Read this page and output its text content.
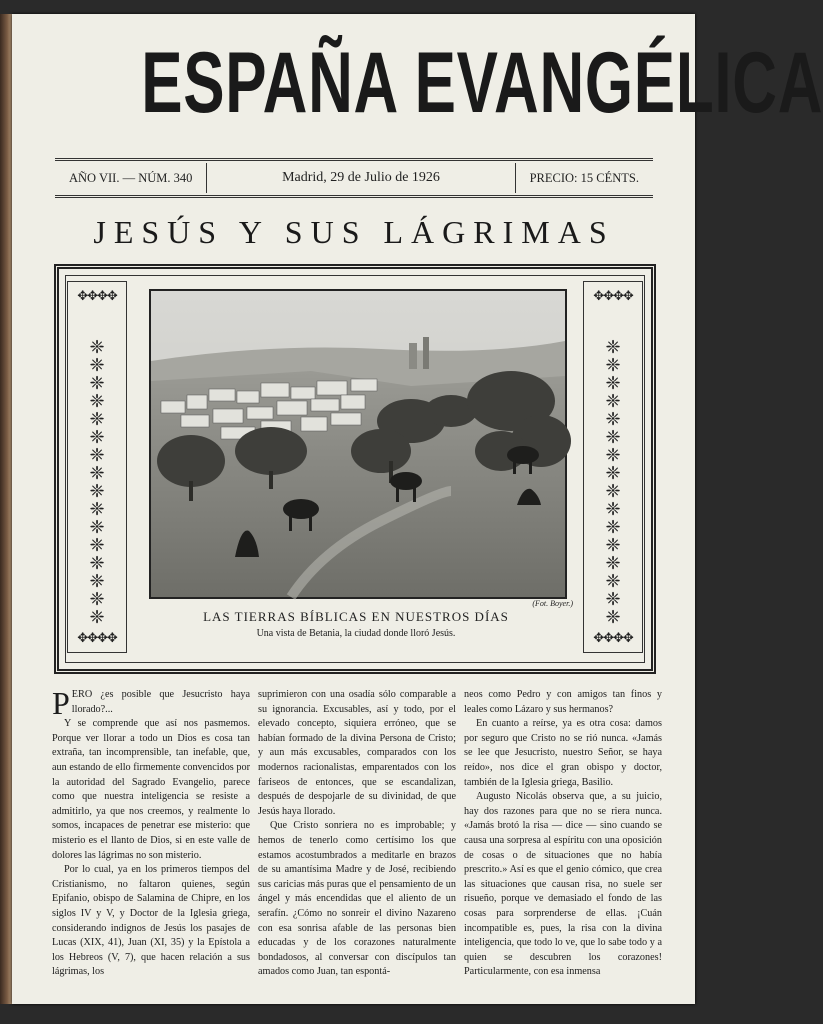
ESPAÑA EVANGÉLICA
AÑO VII. — NÚM. 340	Madrid, 29 de Julio de 1926	PRECIO: 15 CÉNTS.
JESÚS Y SUS LÁGRIMAS
✥✥✥✥
❈❈❈❈❈❈❈❈❈❈❈❈❈❈❈❈
✥✥✥✥
✥✥✥✥
❈❈❈❈❈❈❈❈❈❈❈❈❈❈❈❈
✥✥✥✥
(Fot. Boyer.)
LAS TIERRAS BÍBLICAS EN NUESTROS DÍAS
Una vista de Betania, la ciudad donde lloró Jesús.

PERO ¿es posible que Jesucristo haya llorado?...

Y se comprende que así nos pasmemos. Porque ver llorar a todo un Dios es cosa tan extraña, tan incomprensible, tan inefable, que, aun estando de ello firmemente convencidos por la autoridad del Sagrado Evangelio, parece como que nuestra inteligencia se resiste a admitirlo, ya que nos creemos, y realmente lo somos, incapaces de penetrar ese misterio: que misterio es el llanto de Dios, si en este valle de dolores las lágrimas no son misterio.

Por lo cual, ya en los primeros tiempos del Cristianismo, no faltaron quienes, según Epifanio, obispo de Salamina de Chipre, en los siglos IV y V, y Doctor de la Iglesia griega, considerando indignos de Jesús los pasajes de Lucas (XIX, 41), Juan (XI, 35) y la Epístola a los Hebreos (V, 7), que hacen relación a sus lágrimas, los

suprimieron con una osadía sólo comparable a su ignorancia. Excusables, así y todo, por el elevado concepto, siquiera erróneo, que se habían formado de la divina Persona de Cristo; y aun más excusables, comparados con los modernos racionalistas, emparentados con los fariseos de entonces, que se escandalizan, después de despojarle de su divinidad, de que Jesús haya llorado.

Que Cristo sonriera no es improbable; y hemos de tenerlo como certísimo los que estamos acostumbrados a meditarle en brazos de su amantísima Madre y de José, recibiendo sus caricias más puras que el pensamiento de un ángel y más encendidas que el aliento de un serafín. ¿Cómo no sonreir el divino Nazareno con esa sonrisa afable de las personas bien educadas y de los corazones naturalmente bondadosos, al conversar con discípulos tan amados como Juan, tan espontá-

neos como Pedro y con amigos tan finos y leales como Lázaro y sus hermanos?

En cuanto a reírse, ya es otra cosa: damos por seguro que Cristo no se rió nunca. «Jamás se lee que Jesucristo, nuestro Señor, se haya reído», nos dice el gran obispo y doctor, también de la Iglesia griega, Basilio.

Augusto Nicolás observa que, a su juicio, hay dos razones para que no se riera nunca. «Jamás brotó la risa — dice — sino cuando se causa una sorpresa al espíritu con una oposición de cosas o de situaciones que no había prescrito.» Así es que el genio cómico, que crea las situaciones que causan risa, no suele ser risueño, porque ve demasiado el fondo de las cosas para sorprenderse de ellas. ¡Cuán incompatible es, pues, la risa con la divina inteligencia, que todo lo ve, que lo sabe todo y a quien se descubren los corazones! Particularmente, con esa inmensa
